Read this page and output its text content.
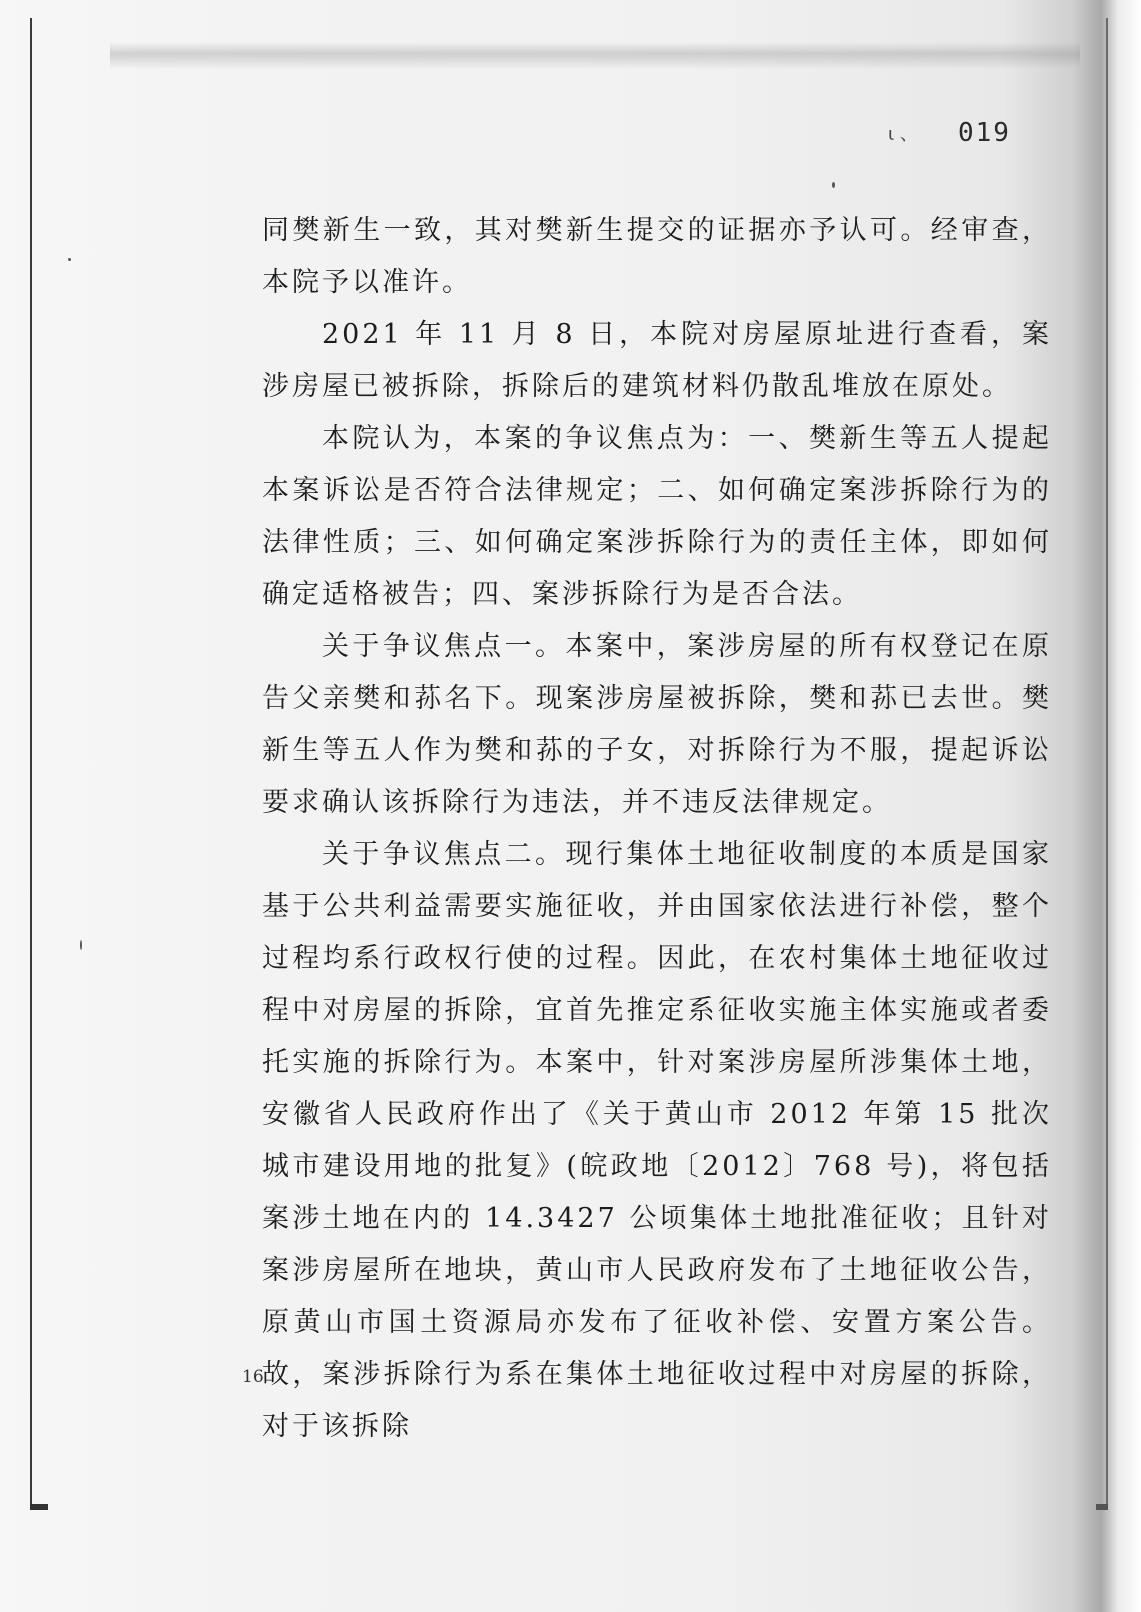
ι 、 019

同樊新生一致，其对樊新生提交的证据亦予认可。经审查，本院予以准许。

2021 年 11 月 8 日，本院对房屋原址进行查看，案涉房屋已被拆除，拆除后的建筑材料仍散乱堆放在原处。

本院认为，本案的争议焦点为：一、樊新生等五人提起本案诉讼是否符合法律规定；二、如何确定案涉拆除行为的法律性质；三、如何确定案涉拆除行为的责任主体，即如何确定适格被告；四、案涉拆除行为是否合法。

关于争议焦点一。本案中，案涉房屋的所有权登记在原告父亲樊和荪名下。现案涉房屋被拆除，樊和荪已去世。樊新生等五人作为樊和荪的子女，对拆除行为不服，提起诉讼要求确认该拆除行为违法，并不违反法律规定。

关于争议焦点二。现行集体土地征收制度的本质是国家基于公共利益需要实施征收，并由国家依法进行补偿，整个过程均系行政权行使的过程。因此，在农村集体土地征收过程中对房屋的拆除，宜首先推定系征收实施主体实施或者委托实施的拆除行为。本案中，针对案涉房屋所涉集体土地，安徽省人民政府作出了《关于黄山市 2012 年第 15 批次城市建设用地的批复》(皖政地〔2012〕768 号)，将包括案涉土地在内的 14.3427 公顷集体土地批准征收；且针对案涉房屋所在地块，黄山市人民政府发布了土地征收公告，原黄山市国土资源局亦发布了征收补偿、安置方案公告。故，案涉拆除行为系在集体土地征收过程中对房屋的拆除，对于该拆除

16
